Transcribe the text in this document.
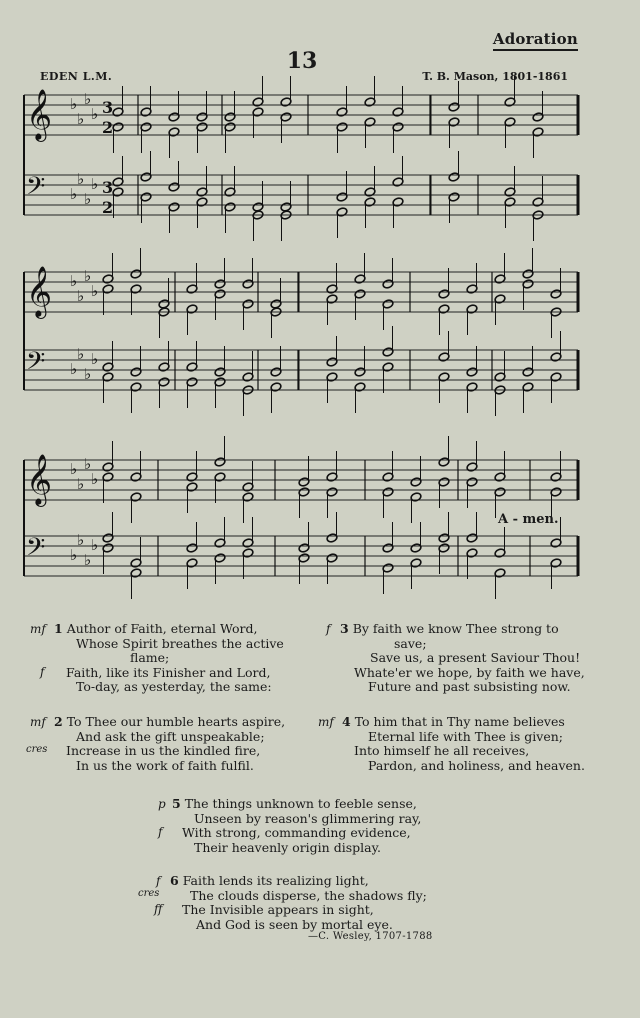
Adoration
13
EDEN L.M.	T. B. Mason, 1801-1861
𝄞 ♭
♭
♭
♭ 3
2
𝄢 ♭
♭
♭
♭ 3
2
𝄞 ♭
♭
♭
♭
𝄢 ♭
♭
♭
♭
𝄞 ♭
♭
♭
♭
𝄢 ♭
♭
♭
♭
A - men.
mf
f
1 Author of Faith, eternal Word,
Whose Spirit breathes the active
flame;
Faith, like its Finisher and Lord,
To-day, as yesterday, the same:
f 3 By faith we know Thee strong to
save;
Save us, a present Saviour Thou!
Whate'er we hope, by faith we have,
Future and past subsisting now.
mf
cres
2 To Thee our humble hearts aspire,
And ask the gift unspeakable;
Increase in us the kindled fire,
In us the work of faith fulfil.
mf 4 To him that in Thy name believes
Eternal life with Thee is given;
Into himself he all receives,
Pardon, and holiness, and heaven.
p
f
5 The things unknown to feeble sense,
Unseen by reason's glimmering ray,
With strong, commanding evidence,
Their heavenly origin display.
f
cres
ff
6 Faith lends its realizing light,
The clouds disperse, the shadows fly;
The Invisible appears in sight,
And God is seen by mortal eye.
—C. Wesley, 1707-1788
